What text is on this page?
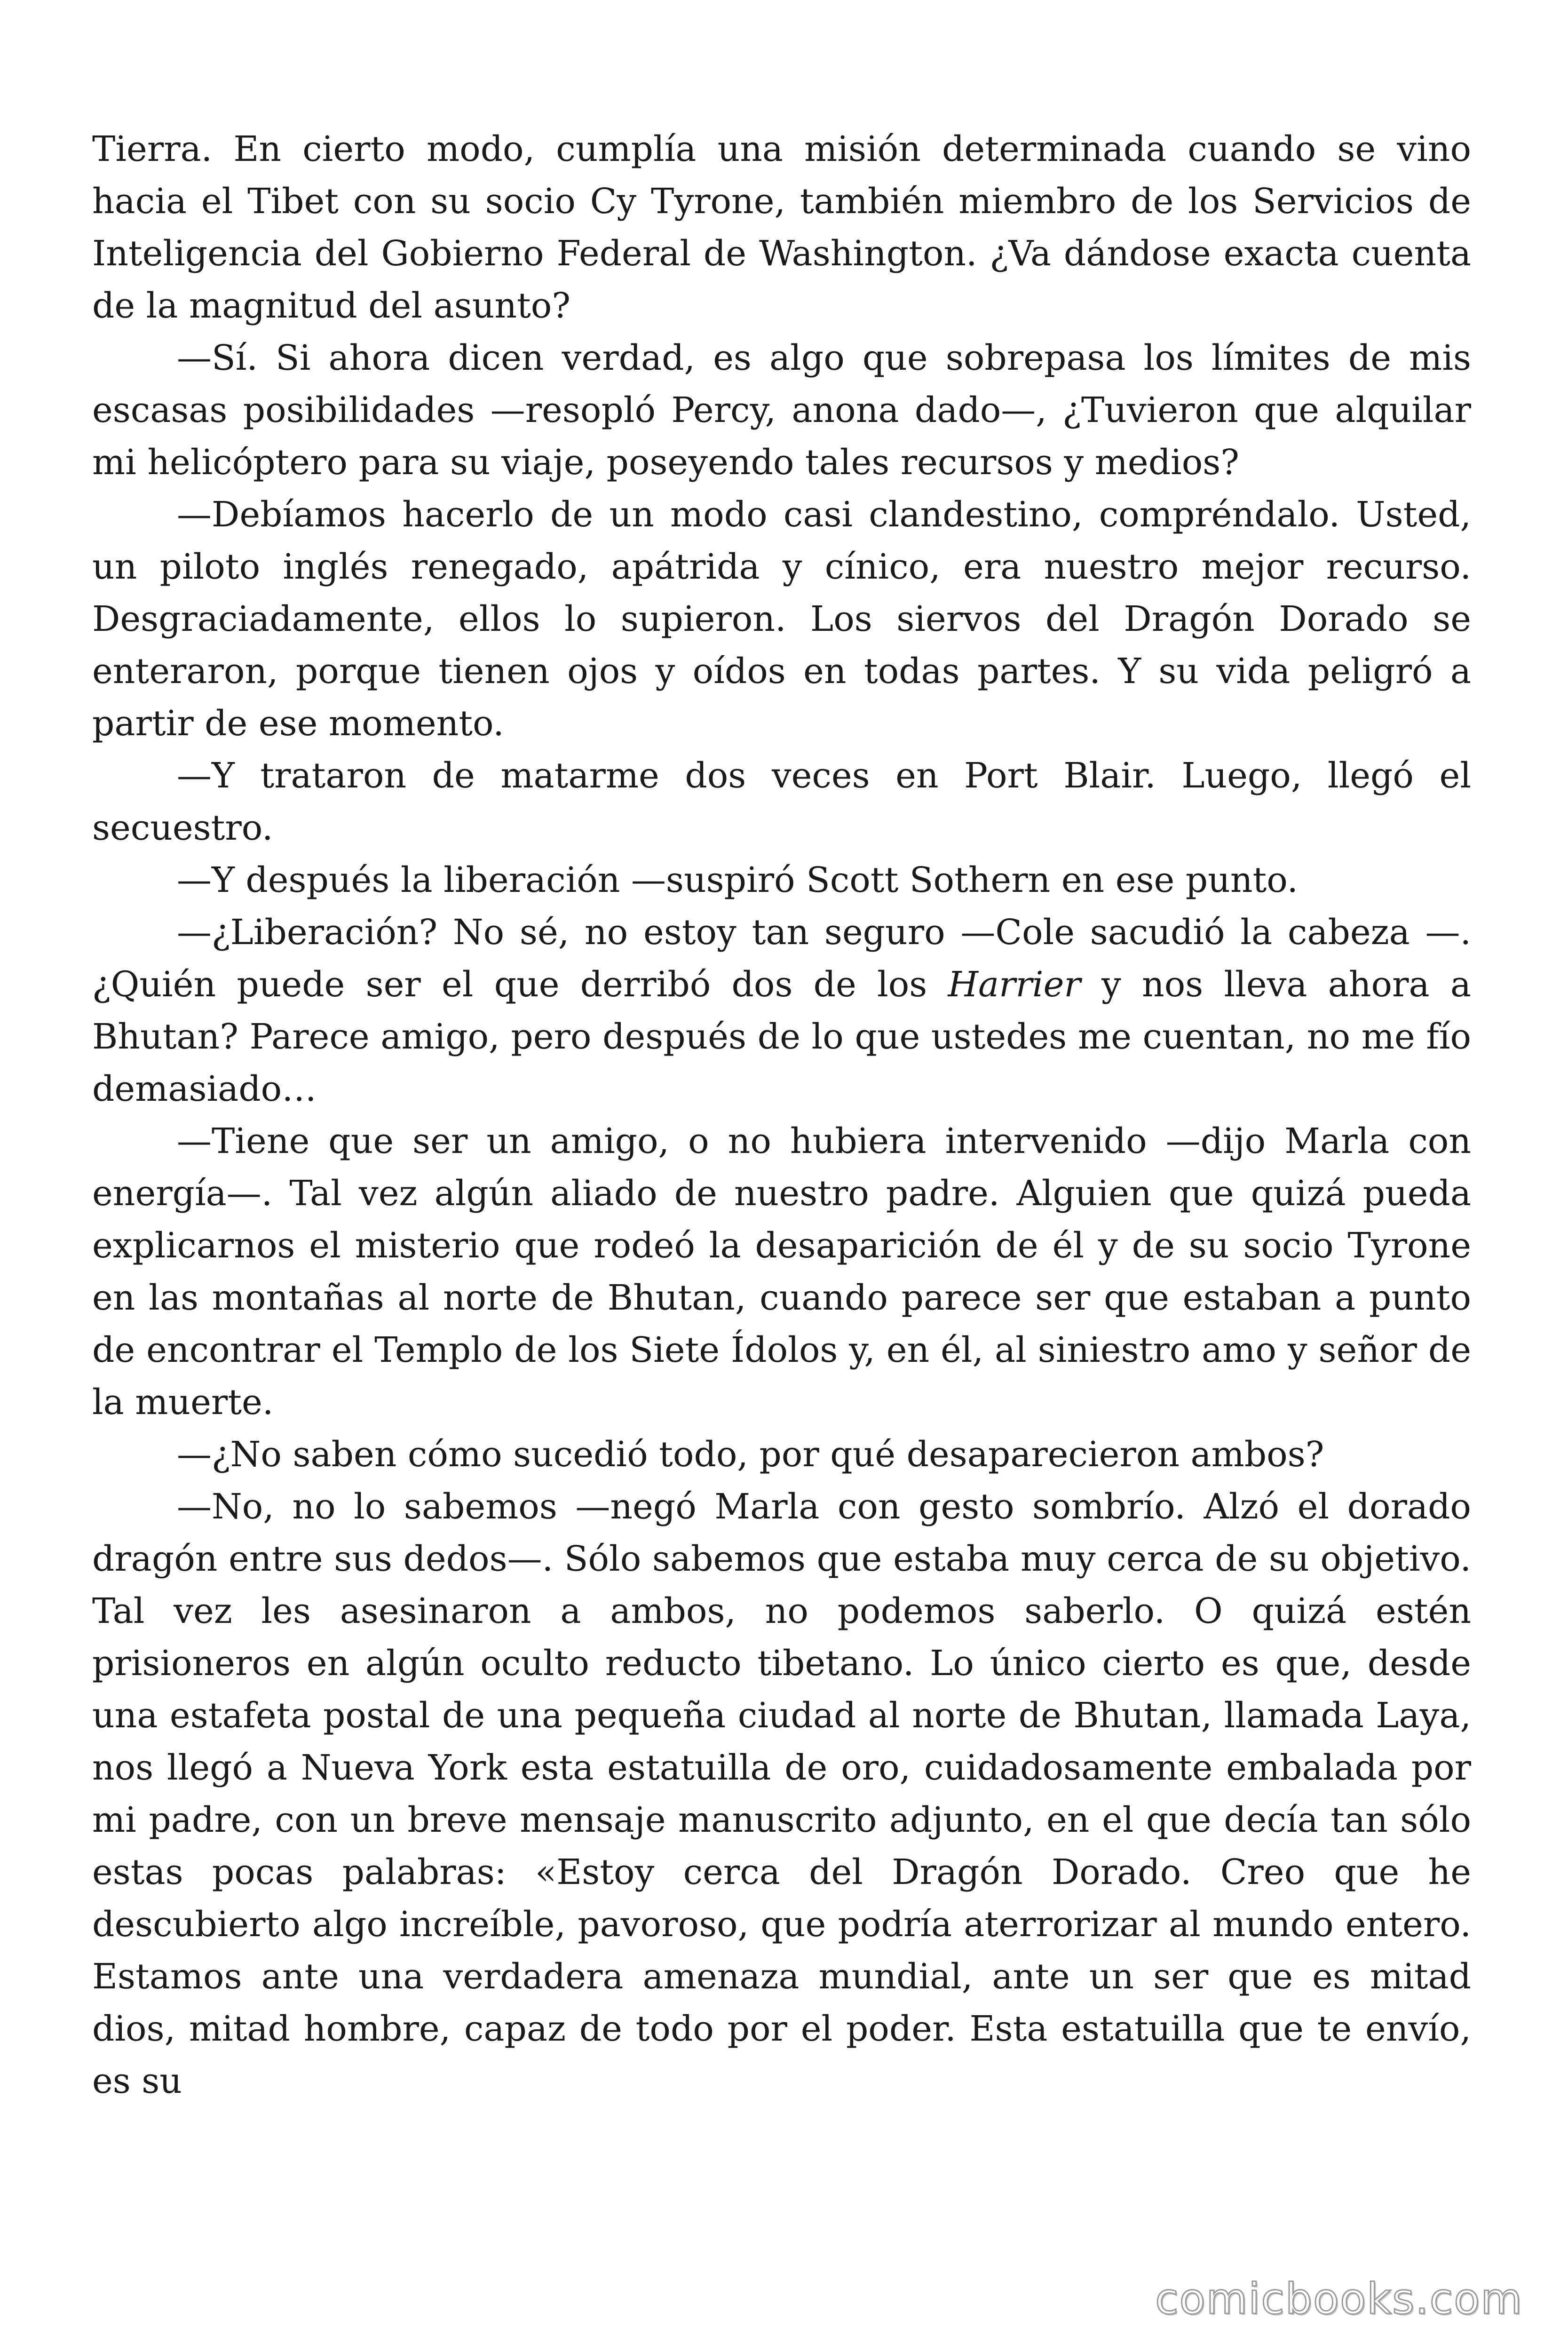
Tierra. En cierto modo, cumplía una misión determinada cuando se vino hacia el Tibet con su socio Cy Tyrone, también miembro de los Servicios de Inteligencia del Gobierno Federal de Washington. ¿Va dándose exacta cuenta de la magnitud del asunto?

—Sí. Si ahora dicen verdad, es algo que sobrepasa los límites de mis escasas posibilidades —resopló Percy, anona dado—, ¿Tuvieron que alquilar mi helicóptero para su viaje, poseyendo tales recursos y medios?

—Debíamos hacerlo de un modo casi clandestino, compréndalo. Usted, un piloto inglés renegado, apátrida y cínico, era nuestro mejor recurso. Desgraciadamente, ellos lo supieron. Los siervos del Dragón Dorado se enteraron, porque tienen ojos y oídos en todas partes. Y su vida peligró a partir de ese momento.

—Y trataron de matarme dos veces en Port Blair. Luego, llegó el secuestro.

—Y después la liberación —suspiró Scott Sothern en ese punto.

—¿Liberación? No sé, no estoy tan seguro —Cole sacudió la cabeza —. ¿Quién puede ser el que derribó dos de los Harrier y nos lleva ahora a Bhutan? Parece amigo, pero después de lo que ustedes me cuentan, no me fío demasiado…

—Tiene que ser un amigo, o no hubiera intervenido —dijo Marla con energía—. Tal vez algún aliado de nuestro padre. Alguien que quizá pueda explicarnos el misterio que rodeó la desaparición de él y de su socio Tyrone en las montañas al norte de Bhutan, cuando parece ser que estaban a punto de encontrar el Templo de los Siete Ídolos y, en él, al siniestro amo y señor de la muerte.

—¿No saben cómo sucedió todo, por qué desaparecieron ambos?

—No, no lo sabemos —negó Marla con gesto sombrío. Alzó el dorado dragón entre sus dedos—. Sólo sabemos que estaba muy cerca de su objetivo. Tal vez les asesinaron a ambos, no podemos saberlo. O quizá estén prisioneros en algún oculto reducto tibetano. Lo único cierto es que, desde una estafeta postal de una pequeña ciudad al norte de Bhutan, llamada Laya, nos llegó a Nueva York esta estatuilla de oro, cuidadosamente embalada por mi padre, con un breve mensaje manuscrito adjunto, en el que decía tan sólo estas pocas palabras: «Estoy cerca del Dragón Dorado. Creo que he descubierto algo increíble, pavoroso, que podría aterrorizar al mundo entero. Estamos ante una verdadera amenaza mundial, ante un ser que es mitad dios, mitad hombre, capaz de todo por el poder. Esta estatuilla que te envío, es su

comicbooks.com
